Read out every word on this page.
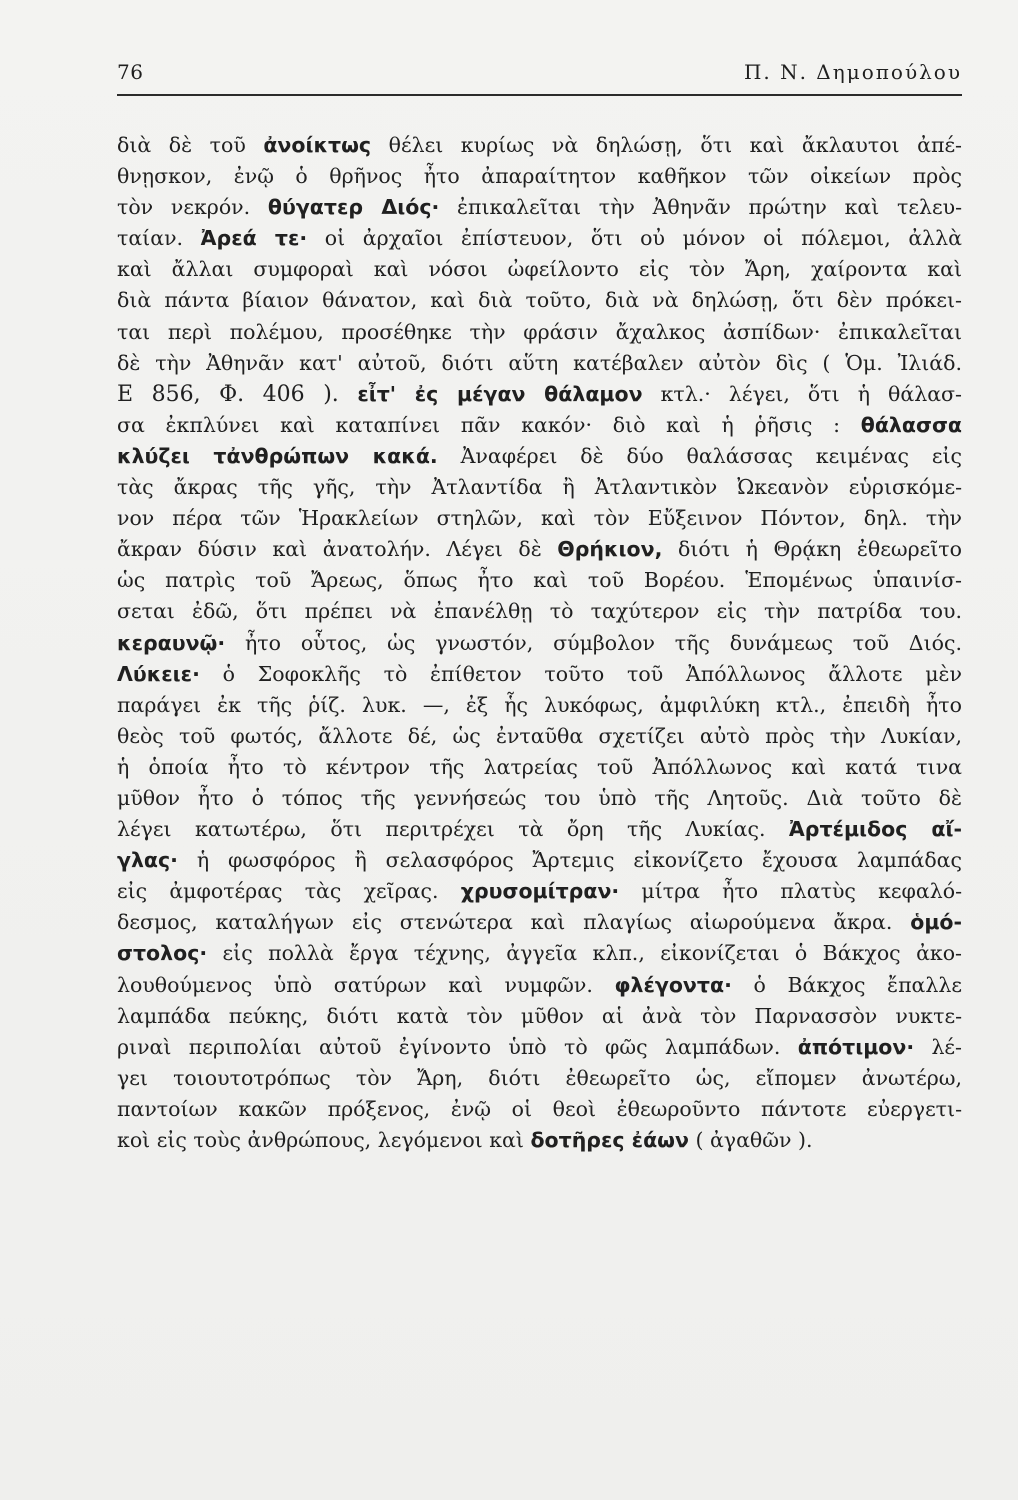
76	Π. Ν. Δημοπούλου
διὰ δὲ τοῦ ἀνοίκτως θέλει κυρίως νὰ δηλώσῃ, ὅτι καὶ ἄκλαυτοι ἀπέ-
θνῃσκον, ἐνῷ ὁ θρῆνος ἦτο ἀπαραίτητον καθῆκον τῶν οἰκείων πρὸς
τὸν νεκρόν. θύγατερ Διός· ἐπικαλεῖται τὴν Ἀθηνᾶν πρώτην καὶ τελευ-
ταίαν. Ἀρεά τε· οἱ ἀρχαῖοι ἐπίστευον, ὅτι οὐ μόνον οἱ πόλεμοι, ἀλλὰ
καὶ ἄλλαι συμφοραὶ καὶ νόσοι ὠφείλοντο εἰς τὸν Ἄρη, χαίροντα καὶ
διὰ πάντα βίαιον θάνατον, καὶ διὰ τοῦτο, διὰ νὰ δηλώσῃ, ὅτι δὲν πρόκει-
ται περὶ πολέμου, προσέθηκε τὴν φράσιν ἄχαλκος ἀσπίδων· ἐπικαλεῖται
δὲ τὴν Ἀθηνᾶν κατ' αὐτοῦ, διότι αὕτη κατέβαλεν αὐτὸν δὶς ( Ὁμ. Ἰλιάδ.
Ε 856, Φ. 406 ). εἶτ' ἐς μέγαν θάλαμον κτλ.· λέγει, ὅτι ἡ θάλασ-
σα ἐκπλύνει καὶ καταπίνει πᾶν κακόν· διὸ καὶ ἡ ῥῆσις : θάλασσα
κλύζει τἀνθρώπων κακά. Ἀναφέρει δὲ δύο θαλάσσας κειμένας εἰς
τὰς ἄκρας τῆς γῆς, τὴν Ἀτλαντίδα ἢ Ἀτλαντικὸν Ὠκεανὸν εὑρισκόμε-
νον πέρα τῶν Ἡρακλείων στηλῶν, καὶ τὸν Εὔξεινον Πόντον, δηλ. τὴν
ἄκραν δύσιν καὶ ἀνατολήν. Λέγει δὲ Θρήκιον, διότι ἡ Θρᾴκη ἐθεωρεῖτο
ὡς πατρὶς τοῦ Ἄρεως, ὅπως ἦτο καὶ τοῦ Βορέου. Ἑπομένως ὑπαινίσ-
σεται ἐδῶ, ὅτι πρέπει νὰ ἐπανέλθῃ τὸ ταχύτερον εἰς τὴν πατρίδα του.
κεραυνῷ· ἦτο οὗτος, ὡς γνωστόν, σύμβολον τῆς δυνάμεως τοῦ Διός.
Λύκειε· ὁ Σοφοκλῆς τὸ ἐπίθετον τοῦτο τοῦ Ἀπόλλωνος ἄλλοτε μὲν
παράγει ἐκ τῆς ῥίζ. λυκ. —, ἐξ ἧς λυκόφως, ἀμφιλύκη κτλ., ἐπειδὴ ἦτο
θεὸς τοῦ φωτός, ἄλλοτε δέ, ὡς ἐνταῦθα σχετίζει αὐτὸ πρὸς τὴν Λυκίαν,
ἡ ὁποία ἦτο τὸ κέντρον τῆς λατρείας τοῦ Ἀπόλλωνος καὶ κατά τινα
μῦθον ἦτο ὁ τόπος τῆς γεννήσεώς του ὑπὸ τῆς Λητοῦς. Διὰ τοῦτο δὲ
λέγει κατωτέρω, ὅτι περιτρέχει τὰ ὄρη τῆς Λυκίας. Ἀρτέμιδος αἴ-
γλας· ἡ φωσφόρος ἢ σελασφόρος Ἄρτεμις εἰκονίζετο ἔχουσα λαμπάδας
εἰς ἀμφοτέρας τὰς χεῖρας. χρυσομίτραν· μίτρα ἦτο πλατὺς κεφαλό-
δεσμος, καταλήγων εἰς στενώτερα καὶ πλαγίως αἰωρούμενα ἄκρα. ὁμό-
στολος· εἰς πολλὰ ἔργα τέχνης, ἀγγεῖα κλπ., εἰκονίζεται ὁ Βάκχος ἀκο-
λουθούμενος ὑπὸ σατύρων καὶ νυμφῶν. φλέγοντα· ὁ Βάκχος ἔπαλλε
λαμπάδα πεύκης, διότι κατὰ τὸν μῦθον αἱ ἀνὰ τὸν Παρνασσὸν νυκτε-
ριναὶ περιπολίαι αὐτοῦ ἐγίνοντο ὑπὸ τὸ φῶς λαμπάδων. ἀπότιμον· λέ-
γει τοιουτοτρόπως τὸν Ἄρη, διότι ἐθεωρεῖτο ὡς, εἴπομεν ἀνωτέρω,
παντοίων κακῶν πρόξενος, ἐνῷ οἱ θεοὶ ἐθεωροῦντο πάντοτε εὐεργετι-
κοὶ εἰς τοὺς ἀνθρώπους, λεγόμενοι καὶ δοτῆρες ἐάων ( ἀγαθῶν ).
